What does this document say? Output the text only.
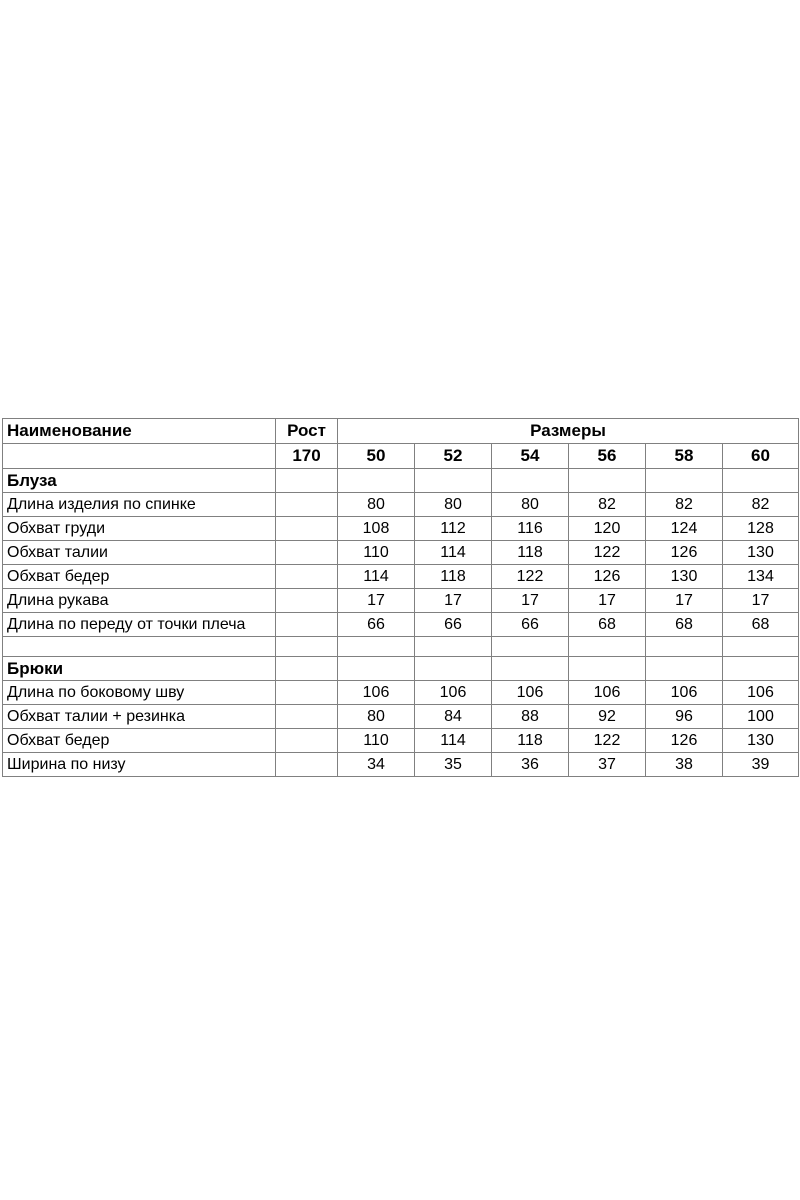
Наименование	Рост	Размеры					
	170	50	52	54	56	58	60
Блуза							
Длина изделия по спинке		80	80	80	82	82	82
Обхват груди		108	112	116	120	124	128
Обхват талии		110	114	118	122	126	130
Обхват бедер		114	118	122	126	130	134
Длина рукава		17	17	17	17	17	17
Длина по переду от точки плеча		66	66	66	68	68	68

Брюки							
Длина по боковому шву		106	106	106	106	106	106
Обхват талии + резинка		80	84	88	92	96	100
Обхват бедер		110	114	118	122	126	130
Ширина по низу		34	35	36	37	38	39
